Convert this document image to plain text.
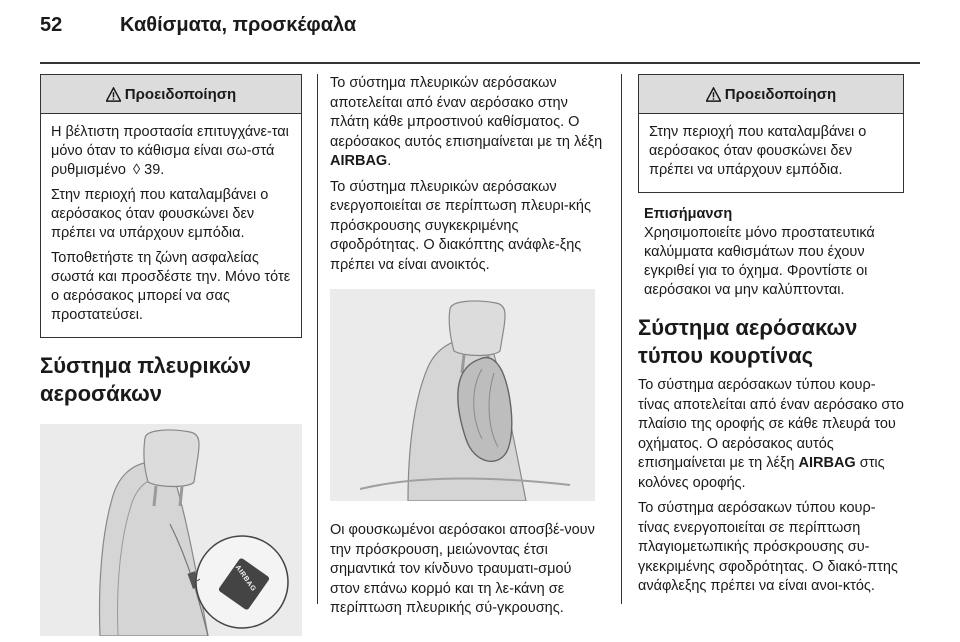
52	Καθίσματα, προσκέφαλα
Προειδοποίηση

Η βέλτιστη προστασία επιτυγχάνε-ται μόνο όταν το κάθισμα είναι σω-στά ρυθμισμένο ◊ 39.

Στην περιοχή που καταλαμβάνει ο αερόσακος όταν φουσκώνει δεν πρέπει να υπάρχουν εμπόδια.

Τοποθετήστε τη ζώνη ασφαλείας σωστά και προσδέστε την. Μόνο τότε ο αερόσακος μπορεί να σας προστατεύσει.

Σύστημα πλευρικών αεροσάκων
AIRBAG

Το σύστημα πλευρικών αερόσακων αποτελείται από έναν αερόσακο στην πλάτη κάθε μπροστινού καθίσματος. Ο αερόσακος αυτός επισημαίνεται με τη λέξη AIRBAG.

Το σύστημα πλευρικών αερόσακων ενεργοποιείται σε περίπτωση πλευρι-κής πρόσκρουσης συγκεκριμένης σφοδρότητας. Ο διακόπτης ανάφλε-ξης πρέπει να είναι ανοικτός.

Οι φουσκωμένοι αερόσακοι αποσβέ-νουν την πρόσκρουση, μειώνοντας έτσι σημαντικά τον κίνδυνο τραυματι-σμού στον επάνω κορμό και τη λε-κάνη σε περίπτωση πλευρικής σύ-γκρουσης.

Προειδοποίηση

Στην περιοχή που καταλαμβάνει ο αερόσακος όταν φουσκώνει δεν πρέπει να υπάρχουν εμπόδια.

Επισήμανση
Χρησιμοποιείτε μόνο προστατευτικά καλύμματα καθισμάτων που έχουν εγκριθεί για το όχημα. Φροντίστε οι αερόσακοι να μην καλύπτονται.
Σύστημα αερόσακων τύπου κουρτίνας

Το σύστημα αερόσακων τύπου κουρ-τίνας αποτελείται από έναν αερόσακο στο πλαίσιο της οροφής σε κάθε πλευρά του οχήματος. Ο αερόσακος αυτός επισημαίνεται με τη λέξη AIRBAG στις κολόνες οροφής.

Το σύστημα αερόσακων τύπου κουρ-τίνας ενεργοποιείται σε περίπτωση πλαγιομετωπικής πρόσκρουσης συ-γκεκριμένης σφοδρότητας. Ο διακό-πτης ανάφλεξης πρέπει να είναι ανοι-κτός.
